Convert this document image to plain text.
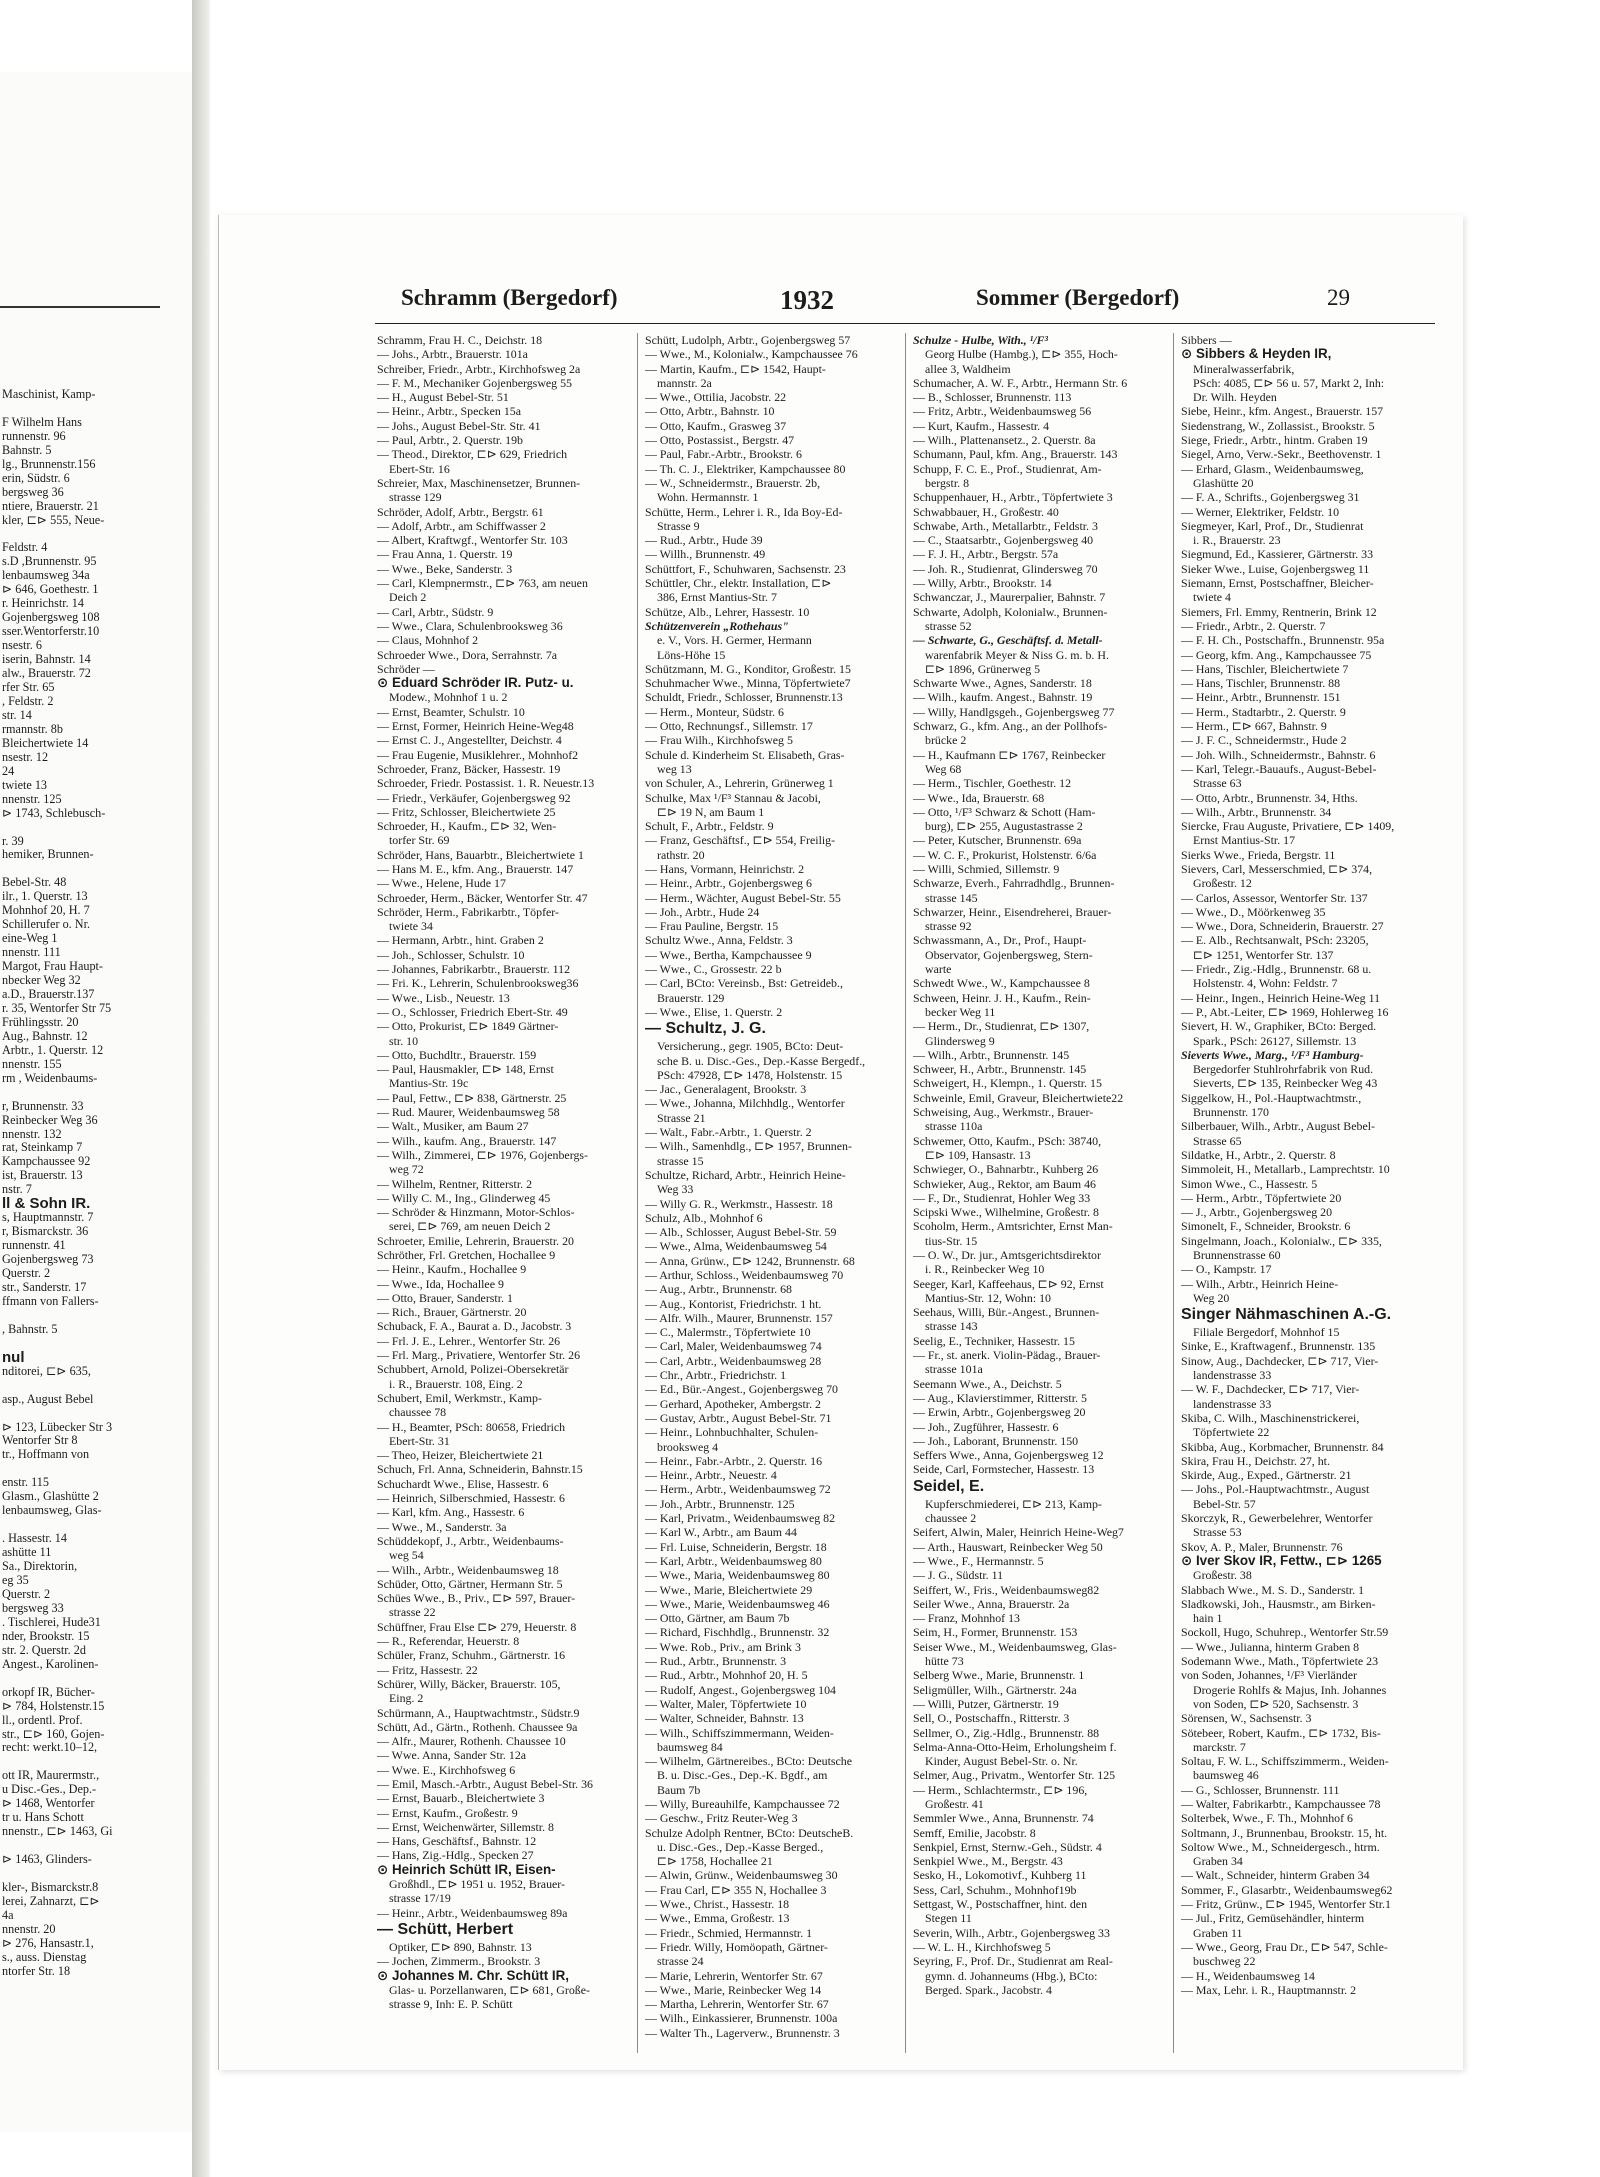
Maschinist, Kamp-

F Wilhelm Hans
runnenstr. 96
Bahnstr. 5
lg., Brunnenstr.156
erin, Südstr. 6
bergsweg 36
ntiere, Brauerstr. 21
kler, ⊏⊳ 555, Neue-

Feldstr. 4
s.D ,Brunnenstr. 95
lenbaumsweg 34a
⊳ 646, Goethestr. 1
r. Heinrichstr. 14
Gojenbergsweg 108
sser.Wentorferstr.10
nsestr. 6
iserin, Bahnstr. 14
alw., Brauerstr. 72
rfer Str. 65
, Feldstr. 2
str. 14
rmannstr. 8b
Bleichertwiete 14
nsestr. 12
24
twiete 13
nnenstr. 125
⊳ 1743, Schlebusch-

r. 39
hemiker, Brunnen-

Bebel-Str. 48
ilr., 1. Querstr. 13
Mohnhof 20, H. 7
Schillerufer o. Nr.
eine-Weg 1
nnenstr. 111
Margot, Frau Haupt-
nbecker Weg 32
a.D., Brauerstr.137
r. 35, Wentorfer Str 75
Frühlingsstr. 20
Aug., Bahnstr. 12
Arbtr., 1. Querstr. 12
nnenstr. 155
rm , Weidenbaums-

r, Brunnenstr. 33
Reinbecker Weg 36
nnenstr. 132
rat, Steinkamp 7
Kampchaussee 92
ist, Brauerstr. 13
nstr. 7
ll & Sohn IR.
s, Hauptmannstr. 7
r, Bismarckstr. 36
runnenstr. 41
Gojenbergsweg 73
Querstr. 2
str., Sanderstr. 17
ffmann von Fallers-

, Bahnstr. 5

nul
nditorei, ⊏⊳ 635,

asp., August Bebel

⊳ 123, Lübecker Str 3
Wentorfer Str 8
tr., Hoffmann von

enstr. 115
Glasm., Glashütte 2
lenbaumsweg, Glas-

. Hassestr. 14
ashütte 11
Sa., Direktorin,
eg 35
Querstr. 2
bergsweg 33
. Tischlerei, Hude31
nder, Brookstr. 15
str. 2. Querstr. 2d
Angest., Karolinen-

orkopf IR, Bücher-
⊳ 784, Holstenstr.15
ll., ordentl. Prof.
str., ⊏⊳ 160, Gojen-
recht: werkt.10–12,

ott IR, Maurermstr.,
u Disc.-Ges., Dep.-
⊳ 1468, Wentorfer
tr u. Hans Schott
nnenstr., ⊏⊳ 1463, Gi

⊳ 1463, Glinders-

kler-, Bismarckstr.8
lerei, Zahnarzt, ⊏⊳
4a
nnenstr. 20
⊳ 276, Hansastr.1,
s., auss. Dienstag
ntorfer Str. 18
Schramm (Bergedorf)	1932	Sommer (Bergedorf)	29
Schramm, Frau H. C., Deichstr. 18
— Johs., Arbtr., Brauerstr. 101a
Schreiber, Friedr., Arbtr., Kirchhofsweg 2a
— F. M., Mechaniker Gojenbergsweg 55
— H., August Bebel-Str. 51
— Heinr., Arbtr., Specken 15a
— Johs., August Bebel-Str. Str. 41
— Paul, Arbtr., 2. Querstr. 19b
— Theod., Direktor, ⊏⊳ 629, Friedrich
Ebert-Str. 16
Schreier, Max, Maschinensetzer, Brunnen-
strasse 129
Schröder, Adolf, Arbtr., Bergstr. 61
— Adolf, Arbtr., am Schiffwasser 2
— Albert, Kraftwgf., Wentorfer Str. 103
— Frau Anna, 1. Querstr. 19
— Wwe., Beke, Sanderstr. 3
— Carl, Klempnermstr., ⊏⊳ 763, am neuen
Deich 2
— Carl, Arbtr., Südstr. 9
— Wwe., Clara, Schulenbrooksweg 36
— Claus, Mohnhof 2
Schroeder Wwe., Dora, Serrahnstr. 7a
Schröder —
⊙ Eduard Schröder IR. Putz- u.
Modew., Mohnhof 1 u. 2
— Ernst, Beamter, Schulstr. 10
— Ernst, Former, Heinrich Heine-Weg48
— Ernst C. J., Angestellter, Deichstr. 4
— Frau Eugenie, Musiklehrer., Mohnhof2
Schroeder, Franz, Bäcker, Hassestr. 19
Schroeder, Friedr. Postassist. 1. R. Neuestr.13
— Friedr., Verkäufer, Gojenbergsweg 92
— Fritz, Schlosser, Bleichertwiete 25
Schroeder, H., Kaufm., ⊏⊳ 32, Wen-
torfer Str. 69
Schröder, Hans, Bauarbtr., Bleichertwiete 1
— Hans M. E., kfm. Ang., Brauerstr. 147
— Wwe., Helene, Hude 17
Schroeder, Herm., Bäcker, Wentorfer Str. 47
Schröder, Herm., Fabrikarbtr., Töpfer-
twiete 34
— Hermann, Arbtr., hint. Graben 2
— Joh., Schlosser, Schulstr. 10
— Johannes, Fabrikarbtr., Brauerstr. 112
— Fri. K., Lehrerin, Schulenbrooksweg36
— Wwe., Lisb., Neuestr. 13
— O., Schlosser, Friedrich Ebert-Str. 49
— Otto, Prokurist, ⊏⊳ 1849 Gärtner-
str. 10
— Otto, Buchdltr., Brauerstr. 159
— Paul, Hausmakler, ⊏⊳ 148, Ernst
Mantius-Str. 19c
— Paul, Fettw., ⊏⊳ 838, Gärtnerstr. 25
— Rud. Maurer, Weidenbaumsweg 58
— Walt., Musiker, am Baum 27
— Wilh., kaufm. Ang., Brauerstr. 147
— Wilh., Zimmerei, ⊏⊳ 1976, Gojenbergs-
weg 72
— Wilhelm, Rentner, Ritterstr. 2
— Willy C. M., Ing., Glinderweg 45
— Schröder & Hinzmann, Motor-Schlos-
serei, ⊏⊳ 769, am neuen Deich 2
Schroeter, Emilie, Lehrerin, Brauerstr. 20
Schröther, Frl. Gretchen, Hochallee 9
— Heinr., Kaufm., Hochallee 9
— Wwe., Ida, Hochallee 9
— Otto, Brauer, Sanderstr. 1
— Rich., Brauer, Gärtnerstr. 20
Schuback, F. A., Baurat a. D., Jacobstr. 3
— Frl. J. E., Lehrer., Wentorfer Str. 26
— Frl. Marg., Privatiere, Wentorfer Str. 26
Schubbert, Arnold, Polizei-Obersekretär
i. R., Brauerstr. 108, Eing. 2
Schubert, Emil, Werkmstr., Kamp-
chaussee 78
— H., Beamter, PSch: 80658, Friedrich
Ebert-Str. 31
— Theo, Heizer, Bleichertwiete 21
Schuch, Frl. Anna, Schneiderin, Bahnstr.15
Schuchardt Wwe., Elise, Hassestr. 6
— Heinrich, Silberschmied, Hassestr. 6
— Karl, kfm. Ang., Hassestr. 6
— Wwe., M., Sanderstr. 3a
Schüddekopf, J., Arbtr., Weidenbaums-
weg 54
— Wilh., Arbtr., Weidenbaumsweg 18
Schüder, Otto, Gärtner, Hermann Str. 5
Schües Wwe., B., Priv., ⊏⊳ 597, Brauer-
strasse 22
Schüffner, Frau Else ⊏⊳ 279, Heuerstr. 8
— R., Referendar, Heuerstr. 8
Schüler, Franz, Schuhm., Gärtnerstr. 16
— Fritz, Hassestr. 22
Schürer, Willy, Bäcker, Brauerstr. 105,
Eing. 2
Schürmann, A., Hauptwachtmstr., Südstr.9
Schütt, Ad., Gärtn., Rothenh. Chaussee 9a
— Alfr., Maurer, Rothenh. Chaussee 10
— Wwe. Anna, Sander Str. 12a
— Wwe. E., Kirchhofsweg 6
— Emil, Masch.-Arbtr., August Bebel-Str. 36
— Ernst, Bauarb., Bleichertwiete 3
— Ernst, Kaufm., Großestr. 9
— Ernst, Weichenwärter, Sillemstr. 8
— Hans, Geschäftsf., Bahnstr. 12
— Hans, Zig.-Hdlg., Specken 27
⊙ Heinrich Schütt IR, Eisen-
Großhdl., ⊏⊳ 1951 u. 1952, Brauer-
strasse 17/19
— Heinr., Arbtr., Weidenbaumsweg 89a
— Schütt, Herbert
Optiker, ⊏⊳ 890, Bahnstr. 13
— Jochen, Zimmerm., Brookstr. 3
⊙ Johannes M. Chr. Schütt IR,
Glas- u. Porzellanwaren, ⊏⊳ 681, Große-
strasse 9, Inh: E. P. Schütt
Schütt, Ludolph, Arbtr., Gojenbergsweg 57
— Wwe., M., Kolonialw., Kampchaussee 76
— Martin, Kaufm., ⊏⊳ 1542, Haupt-
mannstr. 2a
— Wwe., Ottilia, Jacobstr. 22
— Otto, Arbtr., Bahnstr. 10
— Otto, Kaufm., Grasweg 37
— Otto, Postassist., Bergstr. 47
— Paul, Fabr.-Arbtr., Brookstr. 6
— Th. C. J., Elektriker, Kampchaussee 80
— W., Schneidermstr., Brauerstr. 2b,
Wohn. Hermannstr. 1
Schütte, Herm., Lehrer i. R., Ida Boy-Ed-
Strasse 9
— Rud., Arbtr., Hude 39
— Willh., Brunnenstr. 49
Schüttfort, F., Schuhwaren, Sachsenstr. 23
Schüttler, Chr., elektr. Installation, ⊏⊳
386, Ernst Mantius-Str. 7
Schütze, Alb., Lehrer, Hassestr. 10
Schützenverein „Rothehaus"
e. V., Vors. H. Germer, Hermann
Löns-Höhe 15
Schützmann, M. G., Konditor, Großestr. 15
Schuhmacher Wwe., Minna, Töpfertwiete7
Schuldt, Friedr., Schlosser, Brunnenstr.13
— Herm., Monteur, Südstr. 6
— Otto, Rechnungsf., Sillemstr. 17
— Frau Wilh., Kirchhofsweg 5
Schule d. Kinderheim St. Elisabeth, Gras-
weg 13
von Schuler, A., Lehrerin, Grünerweg 1
Schulke, Max ¹/F³ Stannau & Jacobi,
⊏⊳ 19 N, am Baum 1
Schult, F., Arbtr., Feldstr. 9
— Franz, Geschäftsf., ⊏⊳ 554, Freilig-
rathstr. 20
— Hans, Vormann, Heinrichstr. 2
— Heinr., Arbtr., Gojenbergsweg 6
— Herm., Wächter, August Bebel-Str. 55
— Joh., Arbtr., Hude 24
— Frau Pauline, Bergstr. 15
Schultz Wwe., Anna, Feldstr. 3
— Wwe., Bertha, Kampchaussee 9
— Wwe., C., Grossestr. 22 b
— Carl, BCto: Vereinsb., Bst: Getreideb.,
Brauerstr. 129
— Wwe., Elise, 1. Querstr. 2
— Schultz, J. G.
Versicherung., gegr. 1905, BCto: Deut-
sche B. u. Disc.-Ges., Dep.-Kasse Bergedf.,
PSch: 47928, ⊏⊳ 1478, Holstenstr. 15
— Jac., Generalagent, Brookstr. 3
— Wwe., Johanna, Milchhdlg., Wentorfer
Strasse 21
— Walt., Fabr.-Arbtr., 1. Querstr. 2
— Wilh., Samenhdlg., ⊏⊳ 1957, Brunnen-
strasse 15
Schultze, Richard, Arbtr., Heinrich Heine-
Weg 33
— Willy G. R., Werkmstr., Hassestr. 18
Schulz, Alb., Mohnhof 6
— Alb., Schlosser, August Bebel-Str. 59
— Wwe., Alma, Weidenbaumsweg 54
— Anna, Grünw., ⊏⊳ 1242, Brunnenstr. 68
— Arthur, Schloss., Weidenbaumsweg 70
— Aug., Arbtr., Brunnenstr. 68
— Aug., Kontorist, Friedrichstr. 1 ht.
— Alfr. Wilh., Maurer, Brunnenstr. 157
— C., Malermstr., Töpfertwiete 10
— Carl, Maler, Weidenbaumsweg 74
— Carl, Arbtr., Weidenbaumsweg 28
— Chr., Arbtr., Friedrichstr. 1
— Ed., Bür.-Angest., Gojenbergsweg 70
— Gerhard, Apotheker, Ambergstr. 2
— Gustav, Arbtr., August Bebel-Str. 71
— Heinr., Lohnbuchhalter, Schulen-
brooksweg 4
— Heinr., Fabr.-Arbtr., 2. Querstr. 16
— Heinr., Arbtr., Neuestr. 4
— Herm., Arbtr., Weidenbaumsweg 72
— Joh., Arbtr., Brunnenstr. 125
— Karl, Privatm., Weidenbaumsweg 82
— Karl W., Arbtr., am Baum 44
— Frl. Luise, Schneiderin, Bergstr. 18
— Karl, Arbtr., Weidenbaumsweg 80
— Wwe., Maria, Weidenbaumsweg 80
— Wwe., Marie, Bleichertwiete 29
— Wwe., Marie, Weidenbaumsweg 46
— Otto, Gärtner, am Baum 7b
— Richard, Fischhdlg., Brunnenstr. 32
— Wwe. Rob., Priv., am Brink 3
— Rud., Arbtr., Brunnenstr. 3
— Rud., Arbtr., Mohnhof 20, H. 5
— Rudolf, Angest., Gojenbergsweg 104
— Walter, Maler, Töpfertwiete 10
— Walter, Schneider, Bahnstr. 13
— Wilh., Schiffszimmermann, Weiden-
baumsweg 84
— Wilhelm, Gärtnereibes., BCto: Deutsche
B. u. Disc.-Ges., Dep.-K. Bgdf., am
Baum 7b
— Willy, Bureauhilfe, Kampchaussee 72
— Geschw., Fritz Reuter-Weg 3
Schulze Adolph Rentner, BCto: DeutscheB.
u. Disc.-Ges., Dep.-Kasse Berged.,
⊏⊳ 1758, Hochallee 21
— Alwin, Grünw., Weidenbaumsweg 30
— Frau Carl, ⊏⊳ 355 N, Hochallee 3
— Wwe., Christ., Hassestr. 18
— Wwe., Emma, Großestr. 13
— Friedr., Schmied, Hermannstr. 1
— Friedr. Willy, Homöopath, Gärtner-
strasse 24
— Marie, Lehrerin, Wentorfer Str. 67
— Wwe., Marie, Reinbecker Weg 14
— Martha, Lehrerin, Wentorfer Str. 67
— Wilh., Einkassierer, Brunnenstr. 100a
— Walter Th., Lagerverw., Brunnenstr. 3
Schulze - Hulbe, With., ¹/F³
Georg Hulbe (Hambg.), ⊏⊳ 355, Hoch-
allee 3, Waldheim
Schumacher, A. W. F., Arbtr., Hermann Str. 6
— B., Schlosser, Brunnenstr. 113
— Fritz, Arbtr., Weidenbaumsweg 56
— Kurt, Kaufm., Hassestr. 4
— Wilh., Plattenansetz., 2. Querstr. 8a
Schumann, Paul, kfm. Ang., Brauerstr. 143
Schupp, F. C. E., Prof., Studienrat, Am-
bergstr. 8
Schuppenhauer, H., Arbtr., Töpfertwiete 3
Schwabbauer, H., Großestr. 40
Schwabe, Arth., Metallarbtr., Feldstr. 3
— C., Staatsarbtr., Gojenbergsweg 40
— F. J. H., Arbtr., Bergstr. 57a
— Joh. R., Studienrat, Glindersweg 70
— Willy, Arbtr., Brookstr. 14
Schwanczar, J., Maurerpalier, Bahnstr. 7
Schwarte, Adolph, Kolonialw., Brunnen-
strasse 52
— Schwarte, G., Geschäftsf. d. Metall-
warenfabrik Meyer & Niss G. m. b. H.
⊏⊳ 1896, Grünerweg 5
Schwarte Wwe., Agnes, Sanderstr. 18
— Wilh., kaufm. Angest., Bahnstr. 19
— Willy, Handlgsgeh., Gojenbergsweg 77
Schwarz, G., kfm. Ang., an der Pollhofs-
brücke 2
— H., Kaufmann ⊏⊳ 1767, Reinbecker
Weg 68
— Herm., Tischler, Goethestr. 12
— Wwe., Ida, Brauerstr. 68
— Otto, ¹/F³ Schwarz & Schott (Ham-
burg), ⊏⊳ 255, Augustastrasse 2
— Peter, Kutscher, Brunnenstr. 69a
— W. C. F., Prokurist, Holstenstr. 6/6a
— Willi, Schmied, Sillemstr. 9
Schwarze, Everh., Fahrradhdlg., Brunnen-
strasse 145
Schwarzer, Heinr., Eisendreherei, Brauer-
strasse 92
Schwassmann, A., Dr., Prof., Haupt-
Observator, Gojenbergsweg, Stern-
warte
Schwedt Wwe., W., Kampchaussee 8
Schween, Heinr. J. H., Kaufm., Rein-
becker Weg 11
— Herm., Dr., Studienrat, ⊏⊳ 1307,
Glindersweg 9
— Wilh., Arbtr., Brunnenstr. 145
Schweer, H., Arbtr., Brunnenstr. 145
Schweigert, H., Klempn., 1. Querstr. 15
Schweinle, Emil, Graveur, Bleichertwiete22
Schweising, Aug., Werkmstr., Brauer-
strasse 110a
Schwemer, Otto, Kaufm., PSch: 38740,
⊏⊳ 109, Hansastr. 13
Schwieger, O., Bahnarbtr., Kuhberg 26
Schwieker, Aug., Rektor, am Baum 46
— F., Dr., Studienrat, Hohler Weg 33
Scipski Wwe., Wilhelmine, Großestr. 8
Scoholm, Herm., Amtsrichter, Ernst Man-
tius-Str. 15
— O. W., Dr. jur., Amtsgerichtsdirektor
i. R., Reinbecker Weg 10
Seeger, Karl, Kaffeehaus, ⊏⊳ 92, Ernst
Mantius-Str. 12, Wohn: 10
Seehaus, Willi, Bür.-Angest., Brunnen-
strasse 143
Seelig, E., Techniker, Hassestr. 15
— Fr., st. anerk. Violin-Pädag., Brauer-
strasse 101a
Seemann Wwe., A., Deichstr. 5
— Aug., Klavierstimmer, Ritterstr. 5
— Erwin, Arbtr., Gojenbergsweg 20
— Joh., Zugführer, Hassestr. 6
— Joh., Laborant, Brunnenstr. 150
Seffers Wwe., Anna, Gojenbergsweg 12
Seide, Carl, Formstecher, Hassestr. 13
Seidel, E.
Kupferschmiederei, ⊏⊳ 213, Kamp-
chaussee 2
Seifert, Alwin, Maler, Heinrich Heine-Weg7
— Arth., Hauswart, Reinbecker Weg 50
— Wwe., F., Hermannstr. 5
— J. G., Südstr. 11
Seiffert, W., Fris., Weidenbaumsweg82
Seiler Wwe., Anna, Brauerstr. 2a
— Franz, Mohnhof 13
Seim, H., Former, Brunnenstr. 153
Seiser Wwe., M., Weidenbaumsweg, Glas-
hütte 73
Selberg Wwe., Marie, Brunnenstr. 1
Seligmüller, Wilh., Gärtnerstr. 24a
— Willi, Putzer, Gärtnerstr. 19
Sell, O., Postschaffn., Ritterstr. 3
Sellmer, O., Zig.-Hdlg., Brunnenstr. 88
Selma-Anna-Otto-Heim, Erholungsheim f.
Kinder, August Bebel-Str. o. Nr.
Selmer, Aug., Privatm., Wentorfer Str. 125
— Herm., Schlachtermstr., ⊏⊳ 196,
Großestr. 41
Semmler Wwe., Anna, Brunnenstr. 74
Semff, Emilie, Jacobstr. 8
Senkpiel, Ernst, Sternw.-Geh., Südstr. 4
Senkpiel Wwe., M., Bergstr. 43
Sesko, H., Lokomotivf., Kuhberg 11
Sess, Carl, Schuhm., Mohnhof19b
Settgast, W., Postschaffner, hint. den
Stegen 11
Severin, Wilh., Arbtr., Gojenbergsweg 33
— W. L. H., Kirchhofsweg 5
Seyring, F., Prof. Dr., Studienrat am Real-
gymn. d. Johanneums (Hbg.), BCto:
Berged. Spark., Jacobstr. 4
Sibbers —
⊙ Sibbers & Heyden IR,
Mineralwasserfabrik,
PSch: 4085, ⊏⊳ 56 u. 57, Markt 2, Inh:
Dr. Wilh. Heyden
Siebe, Heinr., kfm. Angest., Brauerstr. 157
Siedenstrang, W., Zollassist., Brookstr. 5
Siege, Friedr., Arbtr., hintm. Graben 19
Siegel, Arno, Verw.-Sekr., Beethovenstr. 1
— Erhard, Glasm., Weidenbaumsweg,
Glashütte 20
— F. A., Schrifts., Gojenbergsweg 31
— Werner, Elektriker, Feldstr. 10
Siegmeyer, Karl, Prof., Dr., Studienrat
i. R., Brauerstr. 23
Siegmund, Ed., Kassierer, Gärtnerstr. 33
Sieker Wwe., Luise, Gojenbergsweg 11
Siemann, Ernst, Postschaffner, Bleicher-
twiete 4
Siemers, Frl. Emmy, Rentnerin, Brink 12
— Friedr., Arbtr., 2. Querstr. 7
— F. H. Ch., Postschaffn., Brunnenstr. 95a
— Georg, kfm. Ang., Kampchaussee 75
— Hans, Tischler, Bleichertwiete 7
— Hans, Tischler, Brunnenstr. 88
— Heinr., Arbtr., Brunnenstr. 151
— Herm., Stadtarbtr., 2. Querstr. 9
— Herm., ⊏⊳ 667, Bahnstr. 9
— J. F. C., Schneidermstr., Hude 2
— Joh. Wilh., Schneidermstr., Bahnstr. 6
— Karl, Telegr.-Bauaufs., August-Bebel-
Strasse 63
— Otto, Arbtr., Brunnenstr. 34, Hths.
— Wilh., Arbtr., Brunnenstr. 34
Siercke, Frau Auguste, Privatiere, ⊏⊳ 1409,
Ernst Mantius-Str. 17
Sierks Wwe., Frieda, Bergstr. 11
Sievers, Carl, Messerschmied, ⊏⊳ 374,
Großestr. 12
— Carlos, Assessor, Wentorfer Str. 137
— Wwe., D., Möörkenweg 35
— Wwe., Dora, Schneiderin, Brauerstr. 27
— E. Alb., Rechtsanwalt, PSch: 23205,
⊏⊳ 1251, Wentorfer Str. 137
— Friedr., Zig.-Hdlg., Brunnenstr. 68 u.
Holstenstr. 4, Wohn: Feldstr. 7
— Heinr., Ingen., Heinrich Heine-Weg 11
— P., Abt.-Leiter, ⊏⊳ 1969, Hohlerweg 16
Sievert, H. W., Graphiker, BCto: Berged.
Spark., PSch: 26127, Sillemstr. 13
Sieverts Wwe., Marg., ¹/F³ Hamburg-
Bergedorfer Stuhlrohrfabrik von Rud.
Sieverts, ⊏⊳ 135, Reinbecker Weg 43
Siggelkow, H., Pol.-Hauptwachtmstr.,
Brunnenstr. 170
Silberbauer, Wilh., Arbtr., August Bebel-
Strasse 65
Sildatke, H., Arbtr., 2. Querstr. 8
Simmoleit, H., Metallarb., Lamprechtstr. 10
Simon Wwe., C., Hassestr. 5
— Herm., Arbtr., Töpfertwiete 20
— J., Arbtr., Gojenbergsweg 20
Simonelt, F., Schneider, Brookstr. 6
Singelmann, Joach., Kolonialw., ⊏⊳ 335,
Brunnenstrasse 60
— O., Kampstr. 17
— Wilh., Arbtr., Heinrich Heine-
Weg 20
Singer Nähmaschinen A.-G.
Filiale Bergedorf, Mohnhof 15
Sinke, E., Kraftwagenf., Brunnenstr. 135
Sinow, Aug., Dachdecker, ⊏⊳ 717, Vier-
landenstrasse 33
— W. F., Dachdecker, ⊏⊳ 717, Vier-
landenstrasse 33
Skiba, C. Wilh., Maschinenstrickerei,
Töpfertwiete 22
Skibba, Aug., Korbmacher, Brunnenstr. 84
Skira, Frau H., Deichstr. 27, ht.
Skirde, Aug., Exped., Gärtnerstr. 21
— Johs., Pol.-Hauptwachtmstr., August
Bebel-Str. 57
Skorczyk, R., Gewerbelehrer, Wentorfer
Strasse 53
Skov, A. P., Maler, Brunnenstr. 76
⊙ Iver Skov IR, Fettw., ⊏⊳ 1265
Großestr. 38
Slabbach Wwe., M. S. D., Sanderstr. 1
Sladkowski, Joh., Hausmstr., am Birken-
hain 1
Sockoll, Hugo, Schuhrep., Wentorfer Str.59
— Wwe., Julianna, hinterm Graben 8
Sodemann Wwe., Math., Töpfertwiete 23
von Soden, Johannes, ¹/F³ Vierländer
Drogerie Rohlfs & Majus, Inh. Johannes
von Soden, ⊏⊳ 520, Sachsenstr. 3
Sörensen, W., Sachsenstr. 3
Sötebeer, Robert, Kaufm., ⊏⊳ 1732, Bis-
marckstr. 7
Soltau, F. W. L., Schiffszimmerm., Weiden-
baumsweg 46
— G., Schlosser, Brunnenstr. 111
— Walter, Fabrikarbtr., Kampchaussee 78
Solterbek, Wwe., F. Th., Mohnhof 6
Soltmann, J., Brunnenbau, Brookstr. 15, ht.
Soltow Wwe., M., Schneidergesch., htrm.
Graben 34
— Walt., Schneider, hinterm Graben 34
Sommer, F., Glasarbtr., Weidenbaumsweg62
— Fritz, Grünw., ⊏⊳ 1945, Wentorfer Str.1
— Jul., Fritz, Gemüsehändler, hinterm
Graben 11
— Wwe., Georg, Frau Dr., ⊏⊳ 547, Schle-
buschweg 22
— H., Weidenbaumsweg 14
— Max, Lehr. i. R., Hauptmannstr. 2
